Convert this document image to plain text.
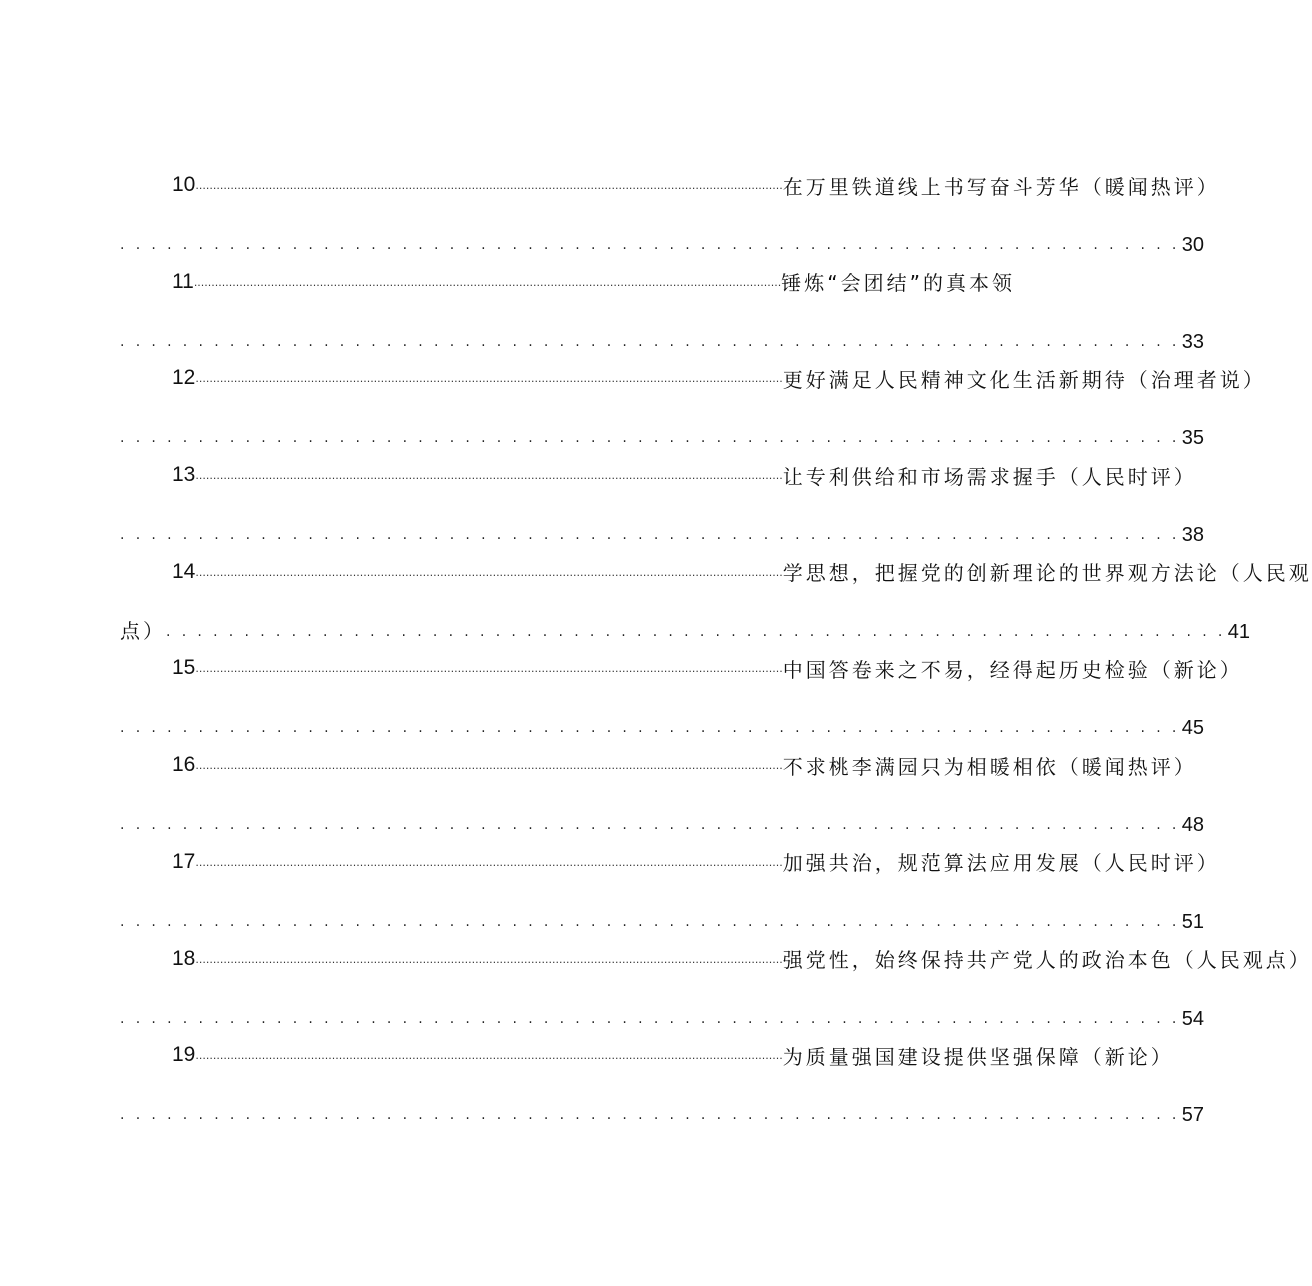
10 ........................................................................................................................................................................ 在万里铁道线上书写奋斗芳华（暖闻热评）
. . . . . . . . . . . . . . . . . . . . . . . . . . . . . . . . . . . . . . . . . . . . . . . . . . . . . . . . . . . . . . . . . . . . 30
11 ........................................................................................................................................................................ 锤炼“会团结”的真本领
. . . . . . . . . . . . . . . . . . . . . . . . . . . . . . . . . . . . . . . . . . . . . . . . . . . . . . . . . . . . . . . . . . . . 33
12 ........................................................................................................................................................................ 更好满足人民精神文化生活新期待（治理者说）
. . . . . . . . . . . . . . . . . . . . . . . . . . . . . . . . . . . . . . . . . . . . . . . . . . . . . . . . . . . . . . . . . . . . 35
13 ........................................................................................................................................................................ 让专利供给和市场需求握手（人民时评）
. . . . . . . . . . . . . . . . . . . . . . . . . . . . . . . . . . . . . . . . . . . . . . . . . . . . . . . . . . . . . . . . . . . . 38
14 ........................................................................................................................................................................ 学思想，把握党的创新理论的世界观方法论（人民观
点） . . . . . . . . . . . . . . . . . . . . . . . . . . . . . . . . . . . . . . . . . . . . . . . . . . . . . . . . . . . . . . . . . . . . 41
15 ........................................................................................................................................................................ 中国答卷来之不易，经得起历史检验（新论）
. . . . . . . . . . . . . . . . . . . . . . . . . . . . . . . . . . . . . . . . . . . . . . . . . . . . . . . . . . . . . . . . . . . . 45
16 ........................................................................................................................................................................ 不求桃李满园只为相暖相依（暖闻热评）
. . . . . . . . . . . . . . . . . . . . . . . . . . . . . . . . . . . . . . . . . . . . . . . . . . . . . . . . . . . . . . . . . . . . 48
17 ........................................................................................................................................................................ 加强共治，规范算法应用发展（人民时评）
. . . . . . . . . . . . . . . . . . . . . . . . . . . . . . . . . . . . . . . . . . . . . . . . . . . . . . . . . . . . . . . . . . . . 51
18 ........................................................................................................................................................................ 强党性，始终保持共产党人的政治本色（人民观点）
. . . . . . . . . . . . . . . . . . . . . . . . . . . . . . . . . . . . . . . . . . . . . . . . . . . . . . . . . . . . . . . . . . . . 54
19 ........................................................................................................................................................................ 为质量强国建设提供坚强保障（新论）
. . . . . . . . . . . . . . . . . . . . . . . . . . . . . . . . . . . . . . . . . . . . . . . . . . . . . . . . . . . . . . . . . . . . 57
